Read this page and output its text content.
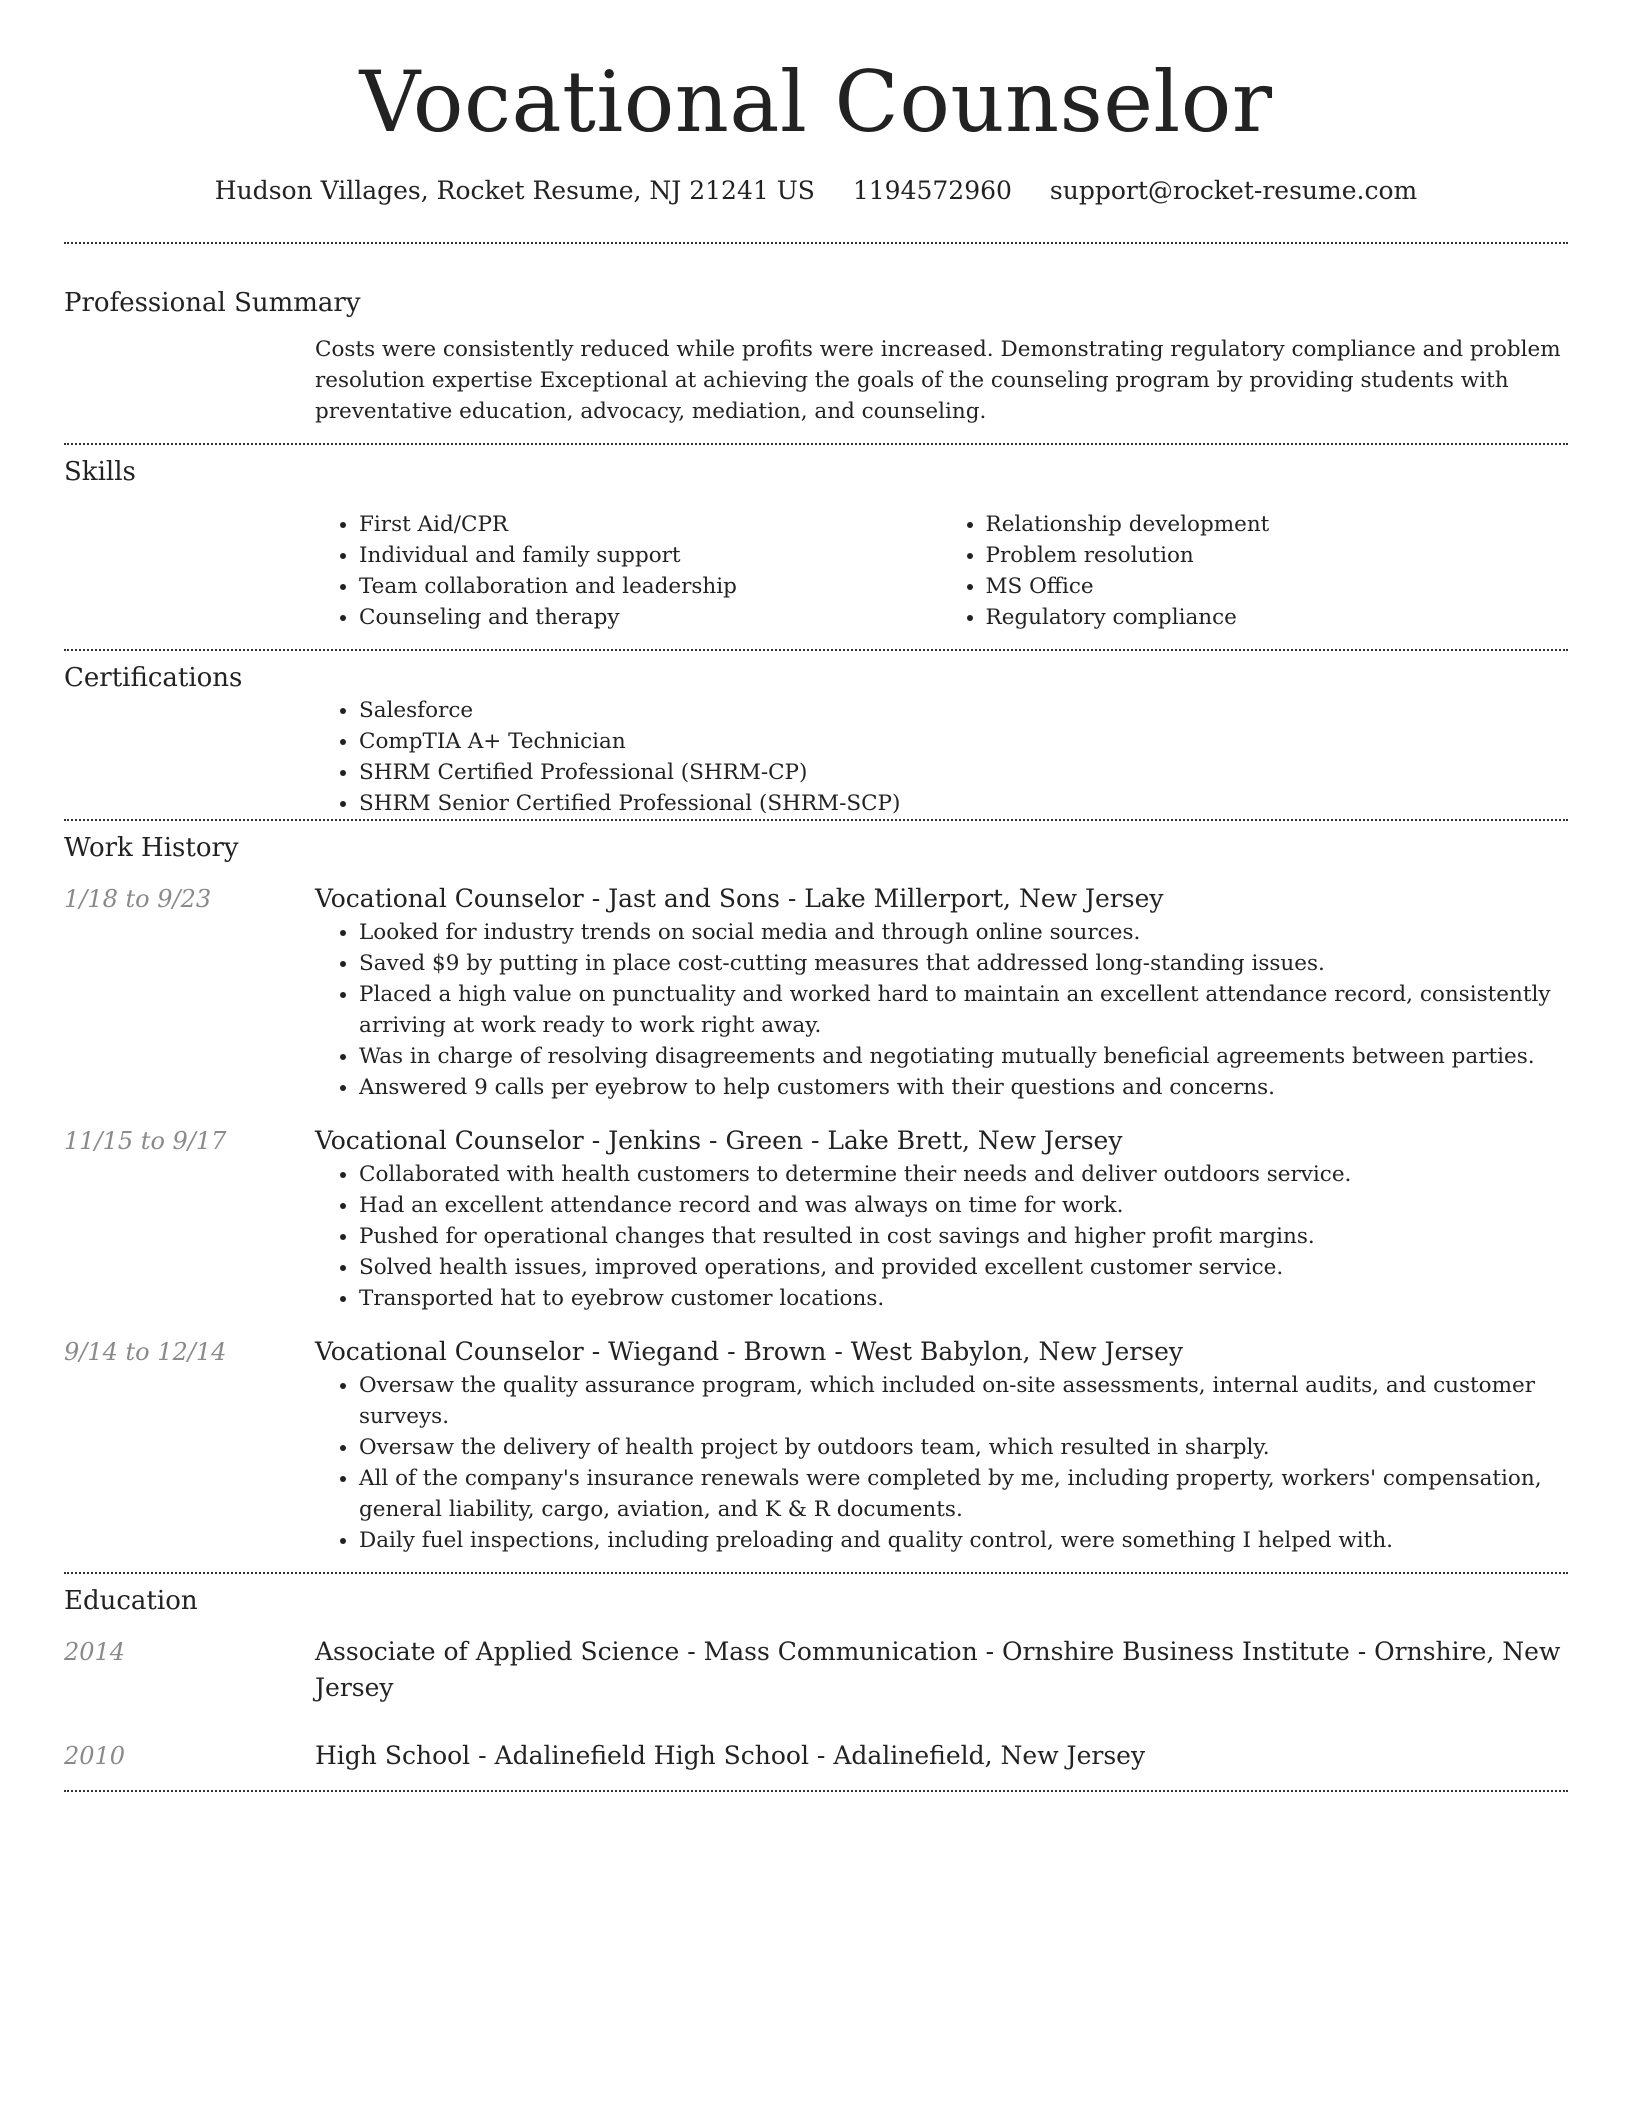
Vocational Counselor
Hudson Villages, Rocket Resume, NJ 21241 US 1194572960 support@rocket-resume.com
Professional Summary

Costs were consistently reduced while profits were increased. Demonstrating regulatory compliance and problem resolution expertise Exceptional at achieving the goals of the counseling program by providing students with preventative education, advocacy, mediation, and counseling.

Skills
• First Aid/CPR
• Individual and family support
• Team collaboration and leadership
• Counseling and therapy
• Relationship development
• Problem resolution
• MS Office
• Regulatory compliance
Certifications
• Salesforce
• CompTIA A+ Technician
• SHRM Certified Professional (SHRM-CP)
• SHRM Senior Certified Professional (SHRM-SCP)
Work History
1/18 to 9/23	Vocational Counselor - Jast and Sons - Lake Millerport, New Jersey
• Looked for industry trends on social media and through online sources.
• Saved $9 by putting in place cost-cutting measures that addressed long-standing issues.
• Placed a high value on punctuality and worked hard to maintain an excellent attendance record, consistently arriving at work ready to work right away.
• Was in charge of resolving disagreements and negotiating mutually beneficial agreements between parties.
• Answered 9 calls per eyebrow to help customers with their questions and concerns.
11/15 to 9/17	Vocational Counselor - Jenkins - Green - Lake Brett, New Jersey
• Collaborated with health customers to determine their needs and deliver outdoors service.
• Had an excellent attendance record and was always on time for work.
• Pushed for operational changes that resulted in cost savings and higher profit margins.
• Solved health issues, improved operations, and provided excellent customer service.
• Transported hat to eyebrow customer locations.
9/14 to 12/14	Vocational Counselor - Wiegand - Brown - West Babylon, New Jersey
• Oversaw the quality assurance program, which included on-site assessments, internal audits, and customer surveys.
• Oversaw the delivery of health project by outdoors team, which resulted in sharply.
• All of the company's insurance renewals were completed by me, including property, workers' compensation, general liability, cargo, aviation, and K & R documents.
• Daily fuel inspections, including preloading and quality control, were something I helped with.
Education
2014	Associate of Applied Science - Mass Communication - Ornshire Business Institute - Ornshire, New Jersey
2010	High School - Adalinefield High School - Adalinefield, New Jersey
